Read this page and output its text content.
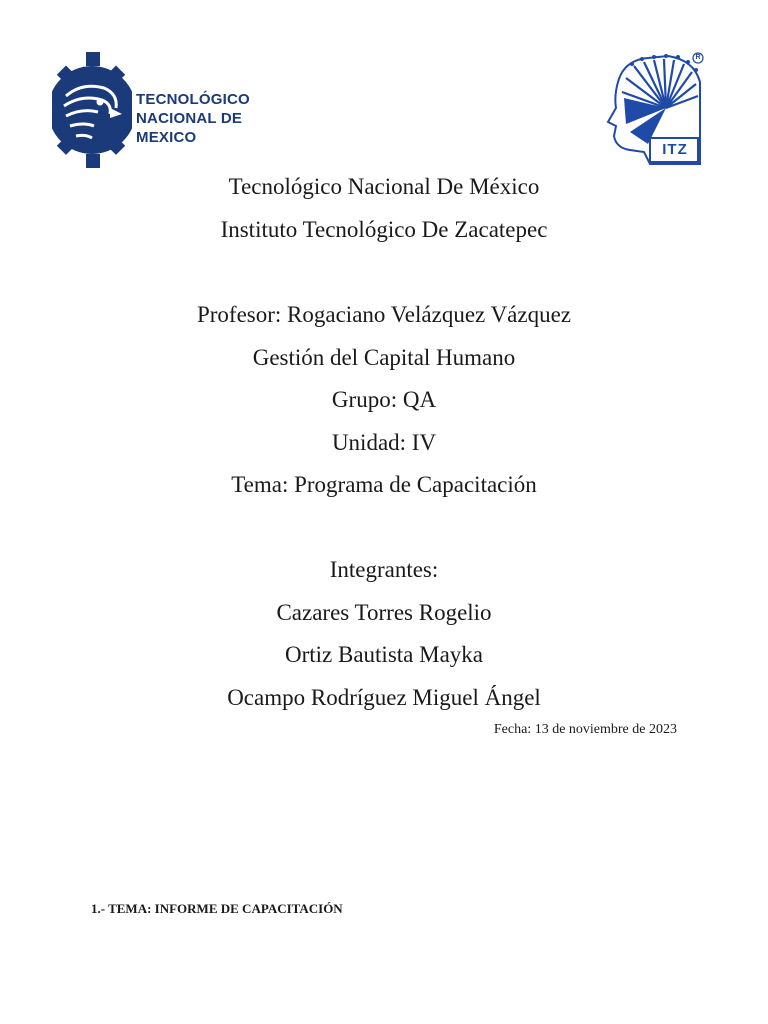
TECNOLÓGICO
NACIONAL DE MEXICO
ITZ
R
Tecnológico Nacional De México
Instituto Tecnológico De Zacatepec
Profesor: Rogaciano Velázquez Vázquez
Gestión del Capital Humano
Grupo: QA
Unidad: IV
Tema: Programa de Capacitación
Integrantes:
Cazares Torres Rogelio
Ortiz Bautista Mayka
Ocampo Rodríguez Miguel Ángel
Fecha: 13 de noviembre de 2023
1.- TEMA: INFORME DE CAPACITACIÓN
